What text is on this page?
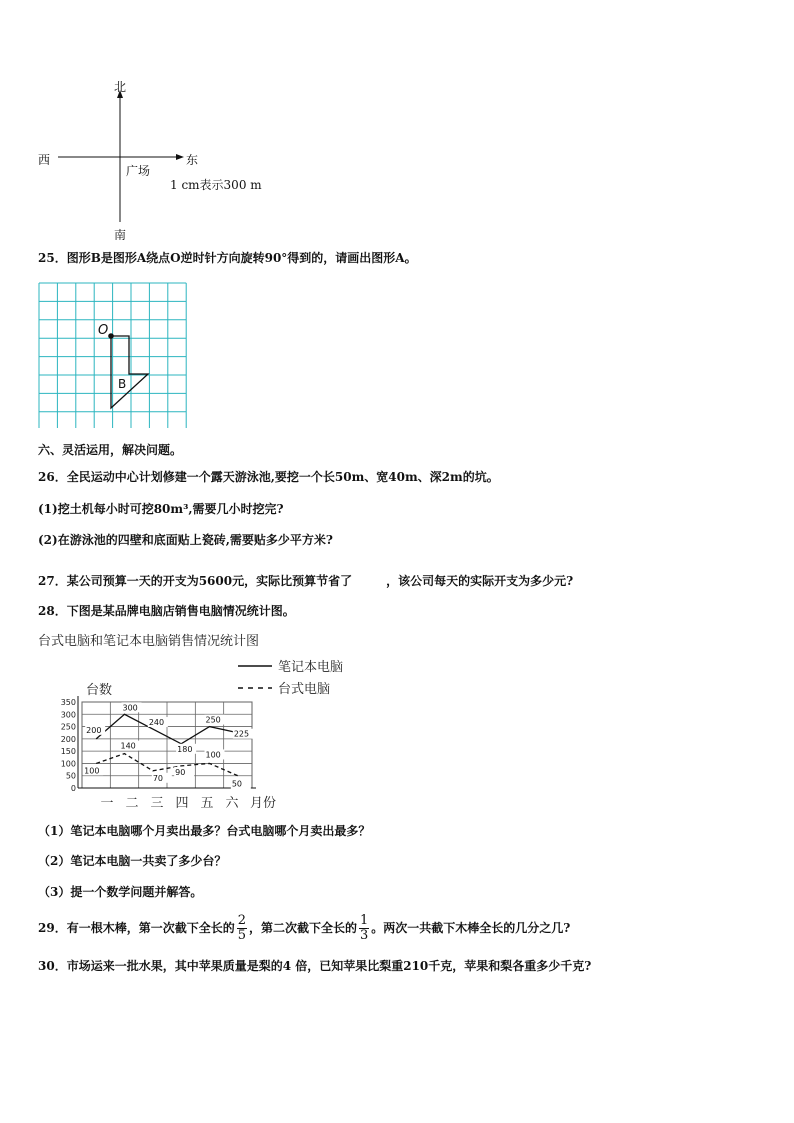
北
南
西	东
广场
1 cm表示300 m
25．图形B是图形A绕点O逆时针方向旋转90°得到的，请画出图形A。
O
B
六、灵活运用，解决问题。
26．全民运动中心计划修建一个露天游泳池,要挖一个长50m、宽40m、深2m的坑。
(1)挖土机每小时可挖80m³,需要几小时挖完?
(2)在游泳池的四壁和底面贴上瓷砖,需要贴多少平方米?
27．某公司预算一天的开支为5600元，实际比预算节省了	，该公司每天的实际开支为多少元?
28．下图是某品牌电脑店销售电脑情况统计图。
台式电脑和笔记本电脑销售情况统计图
0
50
100
150
200
250
300
350
台数
一 二 三 四 五 六 月份
笔记本电脑
台式电脑
200
300
240
180
250
225
100
140
70
90
100
50
（1）笔记本电脑哪个月卖出最多？台式电脑哪个月卖出最多？
（2）笔记本电脑一共卖了多少台？
（3）提一个数学问题并解答。
29．有一根木棒，第一次截下全长的 $\frac{2}{5}$ ，第二次截下全长的 $\frac{1}{3}$ 。两次一共截下木棒全长的几分之几?
30．市场运来一批水果，其中苹果质量是梨的4 倍，已知苹果比梨重210千克，苹果和梨各重多少千克?
